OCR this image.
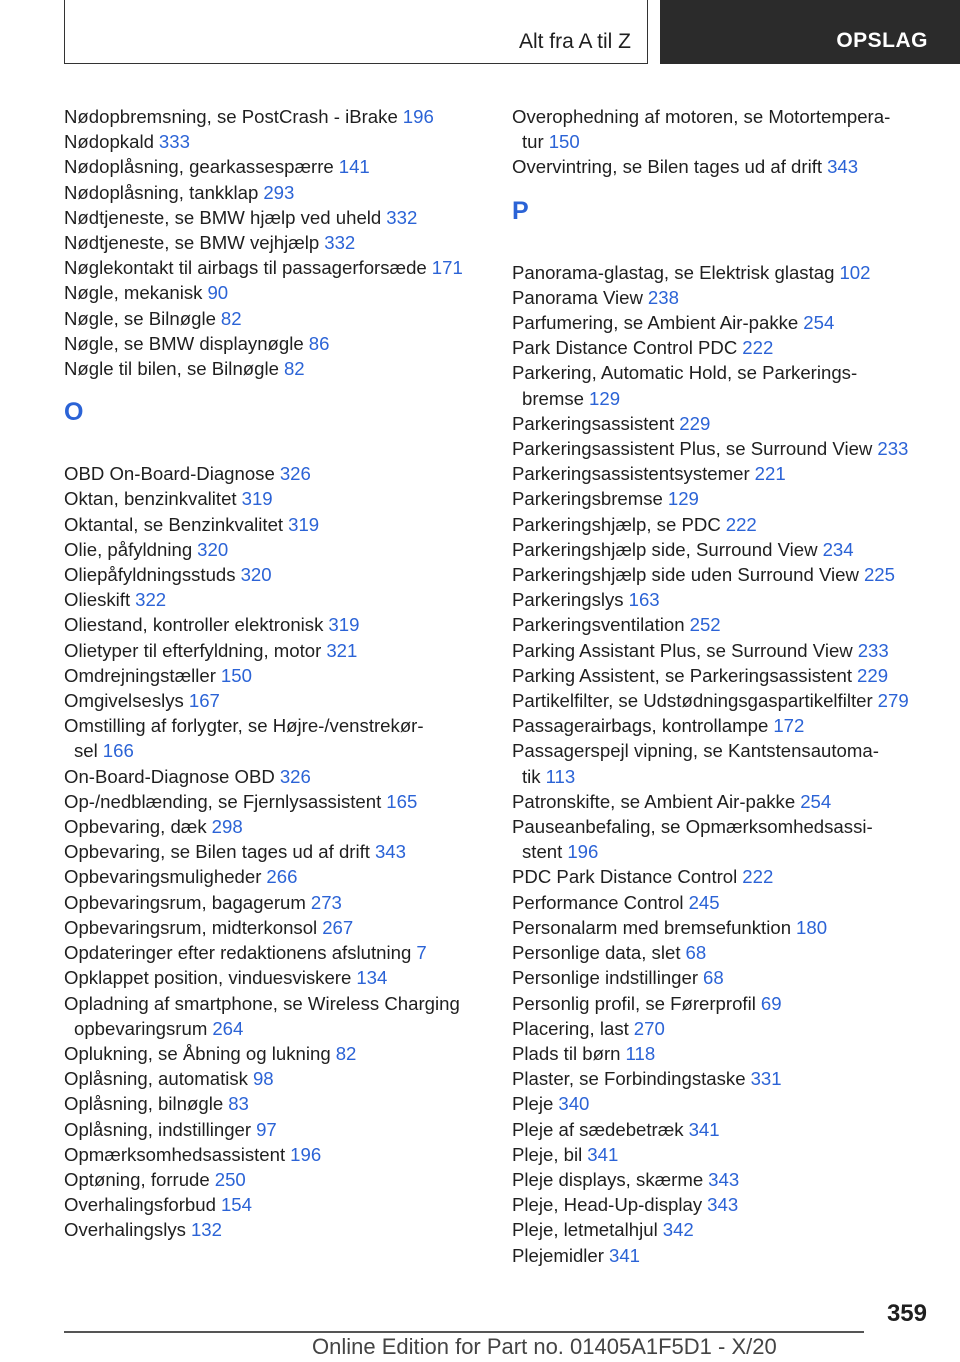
Alt fra A til Z	OPSLAG
Nødopbremsning, se PostCrash - iBrake 196
Nødopkald 333
Nødoplåsning, gearkassespærre 141
Nødoplåsning, tankklap 293
Nødtjeneste, se BMW hjælp ved uheld 332
Nødtjeneste, se BMW vejhjælp 332
Nøglekontakt til airbags til passagerforsæde 171
Nøgle, mekanisk 90
Nøgle, se Bilnøgle 82
Nøgle, se BMW displaynøgle 86
Nøgle til bilen, se Bilnøgle 82
O
OBD On-Board-Diagnose 326
Oktan, benzinkvalitet 319
Oktantal, se Benzinkvalitet 319
Olie, påfyldning 320
Oliepåfyldningsstuds 320
Olieskift 322
Oliestand, kontroller elektronisk 319
Olietyper til efterfyldning, motor 321
Omdrejningstæller 150
Omgivelseslys 167
Omstilling af forlygter, se Højre-/venstrekør-
sel 166
On-Board-Diagnose OBD 326
Op-/nedblænding, se Fjernlysassistent 165
Opbevaring, dæk 298
Opbevaring, se Bilen tages ud af drift 343
Opbevaringsmuligheder 266
Opbevaringsrum, bagagerum 273
Opbevaringsrum, midterkonsol 267
Opdateringer efter redaktionens afslutning 7
Opklappet position, vinduesviskere 134
Opladning af smartphone, se Wireless Charging
opbevaringsrum 264
Oplukning, se Åbning og lukning 82
Oplåsning, automatisk 98
Oplåsning, bilnøgle 83
Oplåsning, indstillinger 97
Opmærksomhedsassistent 196
Optøning, forrude 250
Overhalingsforbud 154
Overhalingslys 132
Overophedning af motoren, se Motortempera-
tur 150
Overvintring, se Bilen tages ud af drift 343
P
Panorama-glastag, se Elektrisk glastag 102
Panorama View 238
Parfumering, se Ambient Air-pakke 254
Park Distance Control PDC 222
Parkering, Automatic Hold, se Parkerings-
bremse 129
Parkeringsassistent 229
Parkeringsassistent Plus, se Surround View 233
Parkeringsassistentsystemer 221
Parkeringsbremse 129
Parkeringshjælp, se PDC 222
Parkeringshjælp side, Surround View 234
Parkeringshjælp side uden Surround View 225
Parkeringslys 163
Parkeringsventilation 252
Parking Assistant Plus, se Surround View 233
Parking Assistent, se Parkeringsassistent 229
Partikelfilter, se Udstødningsgaspartikelfilter 279
Passagerairbags, kontrollampe 172
Passagerspejl vipning, se Kantstensautoma-
tik 113
Patronskifte, se Ambient Air-pakke 254
Pauseanbefaling, se Opmærksomhedsassi-
stent 196
PDC Park Distance Control 222
Performance Control 245
Personalarm med bremsefunktion 180
Personlige data, slet 68
Personlige indstillinger 68
Personlig profil, se Førerprofil 69
Placering, last 270
Plads til børn 118
Plaster, se Forbindingstaske 331
Pleje 340
Pleje af sædebetræk 341
Pleje, bil 341
Pleje displays, skærme 343
Pleje, Head-Up-display 343
Pleje, letmetalhjul 342
Plejemidler 341
359
Online Edition for Part no. 01405A1F5D1 - X/20
